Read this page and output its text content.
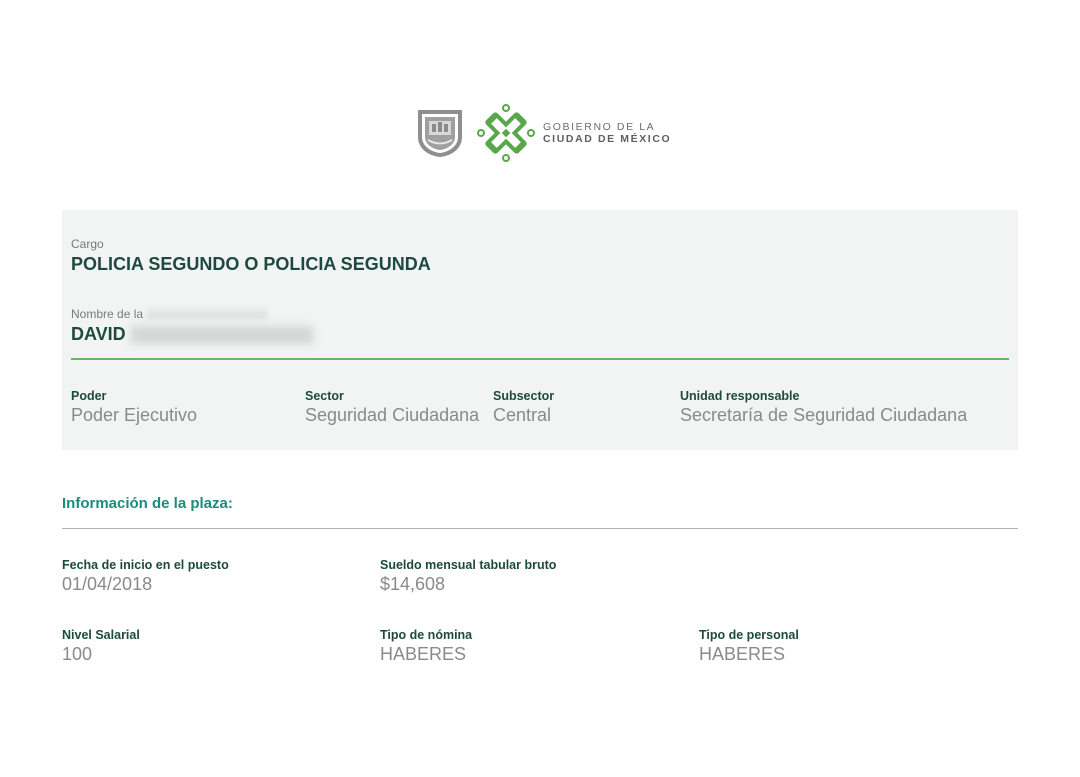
GOBIERNO DE LA
CIUDAD DE MÉXICO
Cargo
POLICIA SEGUNDO O POLICIA SEGUNDA
Nombre de la
DAVID
Poder
Poder Ejecutivo
Sector
Seguridad Ciudadana
Subsector
Central
Unidad responsable
Secretaría de Seguridad Ciudadana
Información de la plaza:
Fecha de inicio en el puesto
01/04/2018
Sueldo mensual tabular bruto
$14,608
Nivel Salarial
100
Tipo de nómina
HABERES
Tipo de personal
HABERES
